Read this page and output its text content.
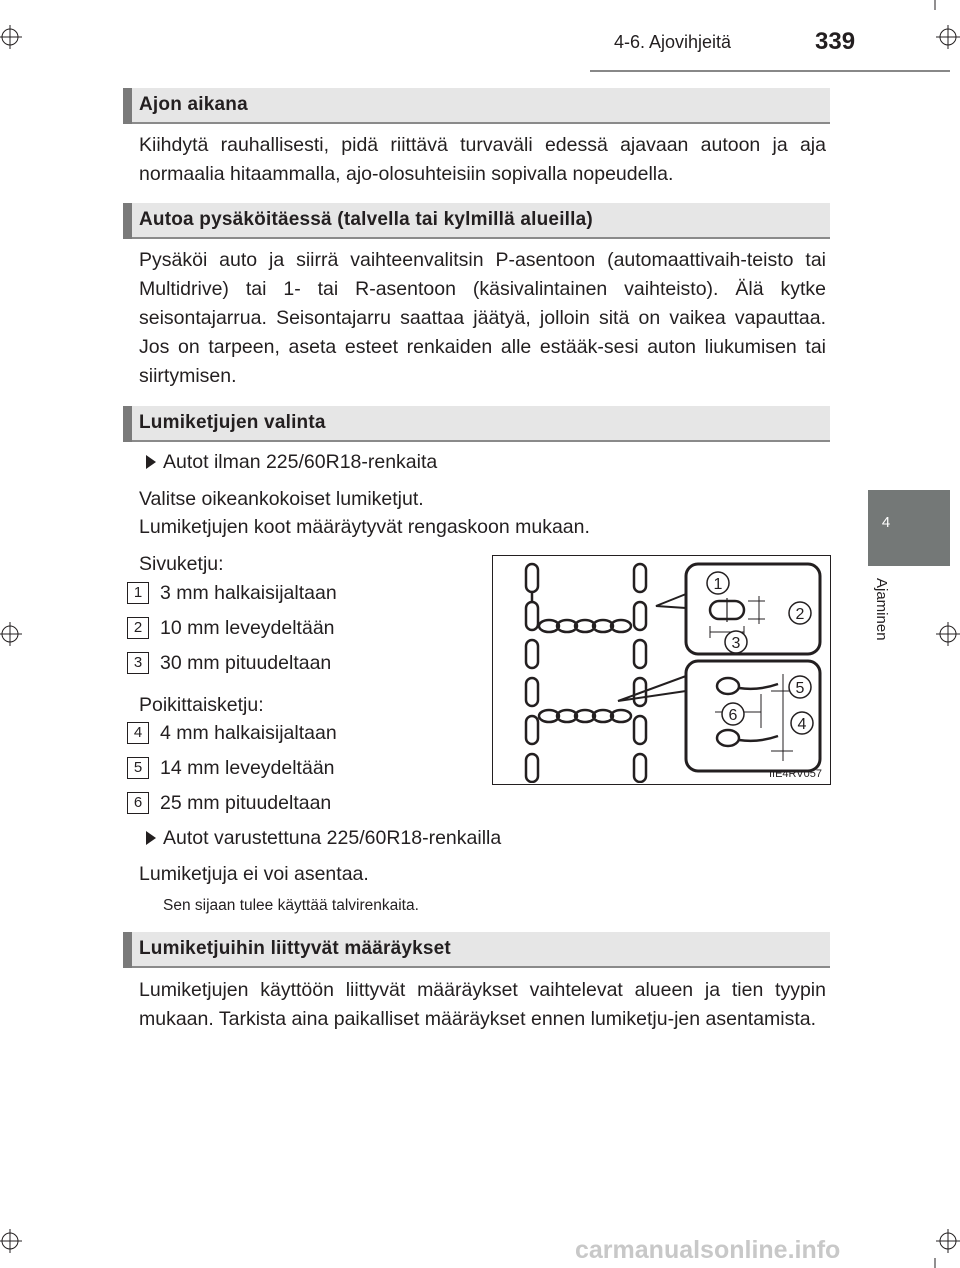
4-6. Ajovihjeitä	339
4
Ajaminen
Ajon aikana
Kiihdytä rauhallisesti, pidä riittävä turvaväli edessä ajavaan autoon ja aja normaalia hitaammalla, ajo-olosuhteisiin sopivalla nopeudella.
Autoa pysäköitäessä (talvella tai kylmillä alueilla)
Pysäköi auto ja siirrä vaihteenvalitsin P-asentoon (automaattivaih-teisto tai Multidrive) tai 1- tai R-asentoon (käsivalintainen vaihteisto). Älä kytke seisontajarrua. Seisontajarru saattaa jäätyä, jolloin sitä on vaikea vapauttaa. Jos on tarpeen, aseta esteet renkaiden alle estääk-sesi auton liukumisen tai siirtymisen.
Lumiketjujen valinta
Autot ilman 225/60R18-renkaita
Valitse oikeankokoiset lumiketjut.
Lumiketjujen koot määräytyvät rengaskoon mukaan.
Sivuketju:
1 3 mm halkaisijaltaan
2 10 mm leveydeltään
3 30 mm pituudeltaan
Poikittaisketju:
4 4 mm halkaisijaltaan
5 14 mm leveydeltään
6 25 mm pituudeltaan
Autot varustettuna 225/60R18-renkailla
Lumiketjuja ei voi asentaa.
Sen sijaan tulee käyttää talvirenkaita.
1
2
3
4
5
6
IIE4RV057
Lumiketjuihin liittyvät määräykset
Lumiketjujen käyttöön liittyvät määräykset vaihtelevat alueen ja tien tyypin mukaan. Tarkista aina paikalliset määräykset ennen lumiketju-jen asentamista.
carmanualsonline.info
